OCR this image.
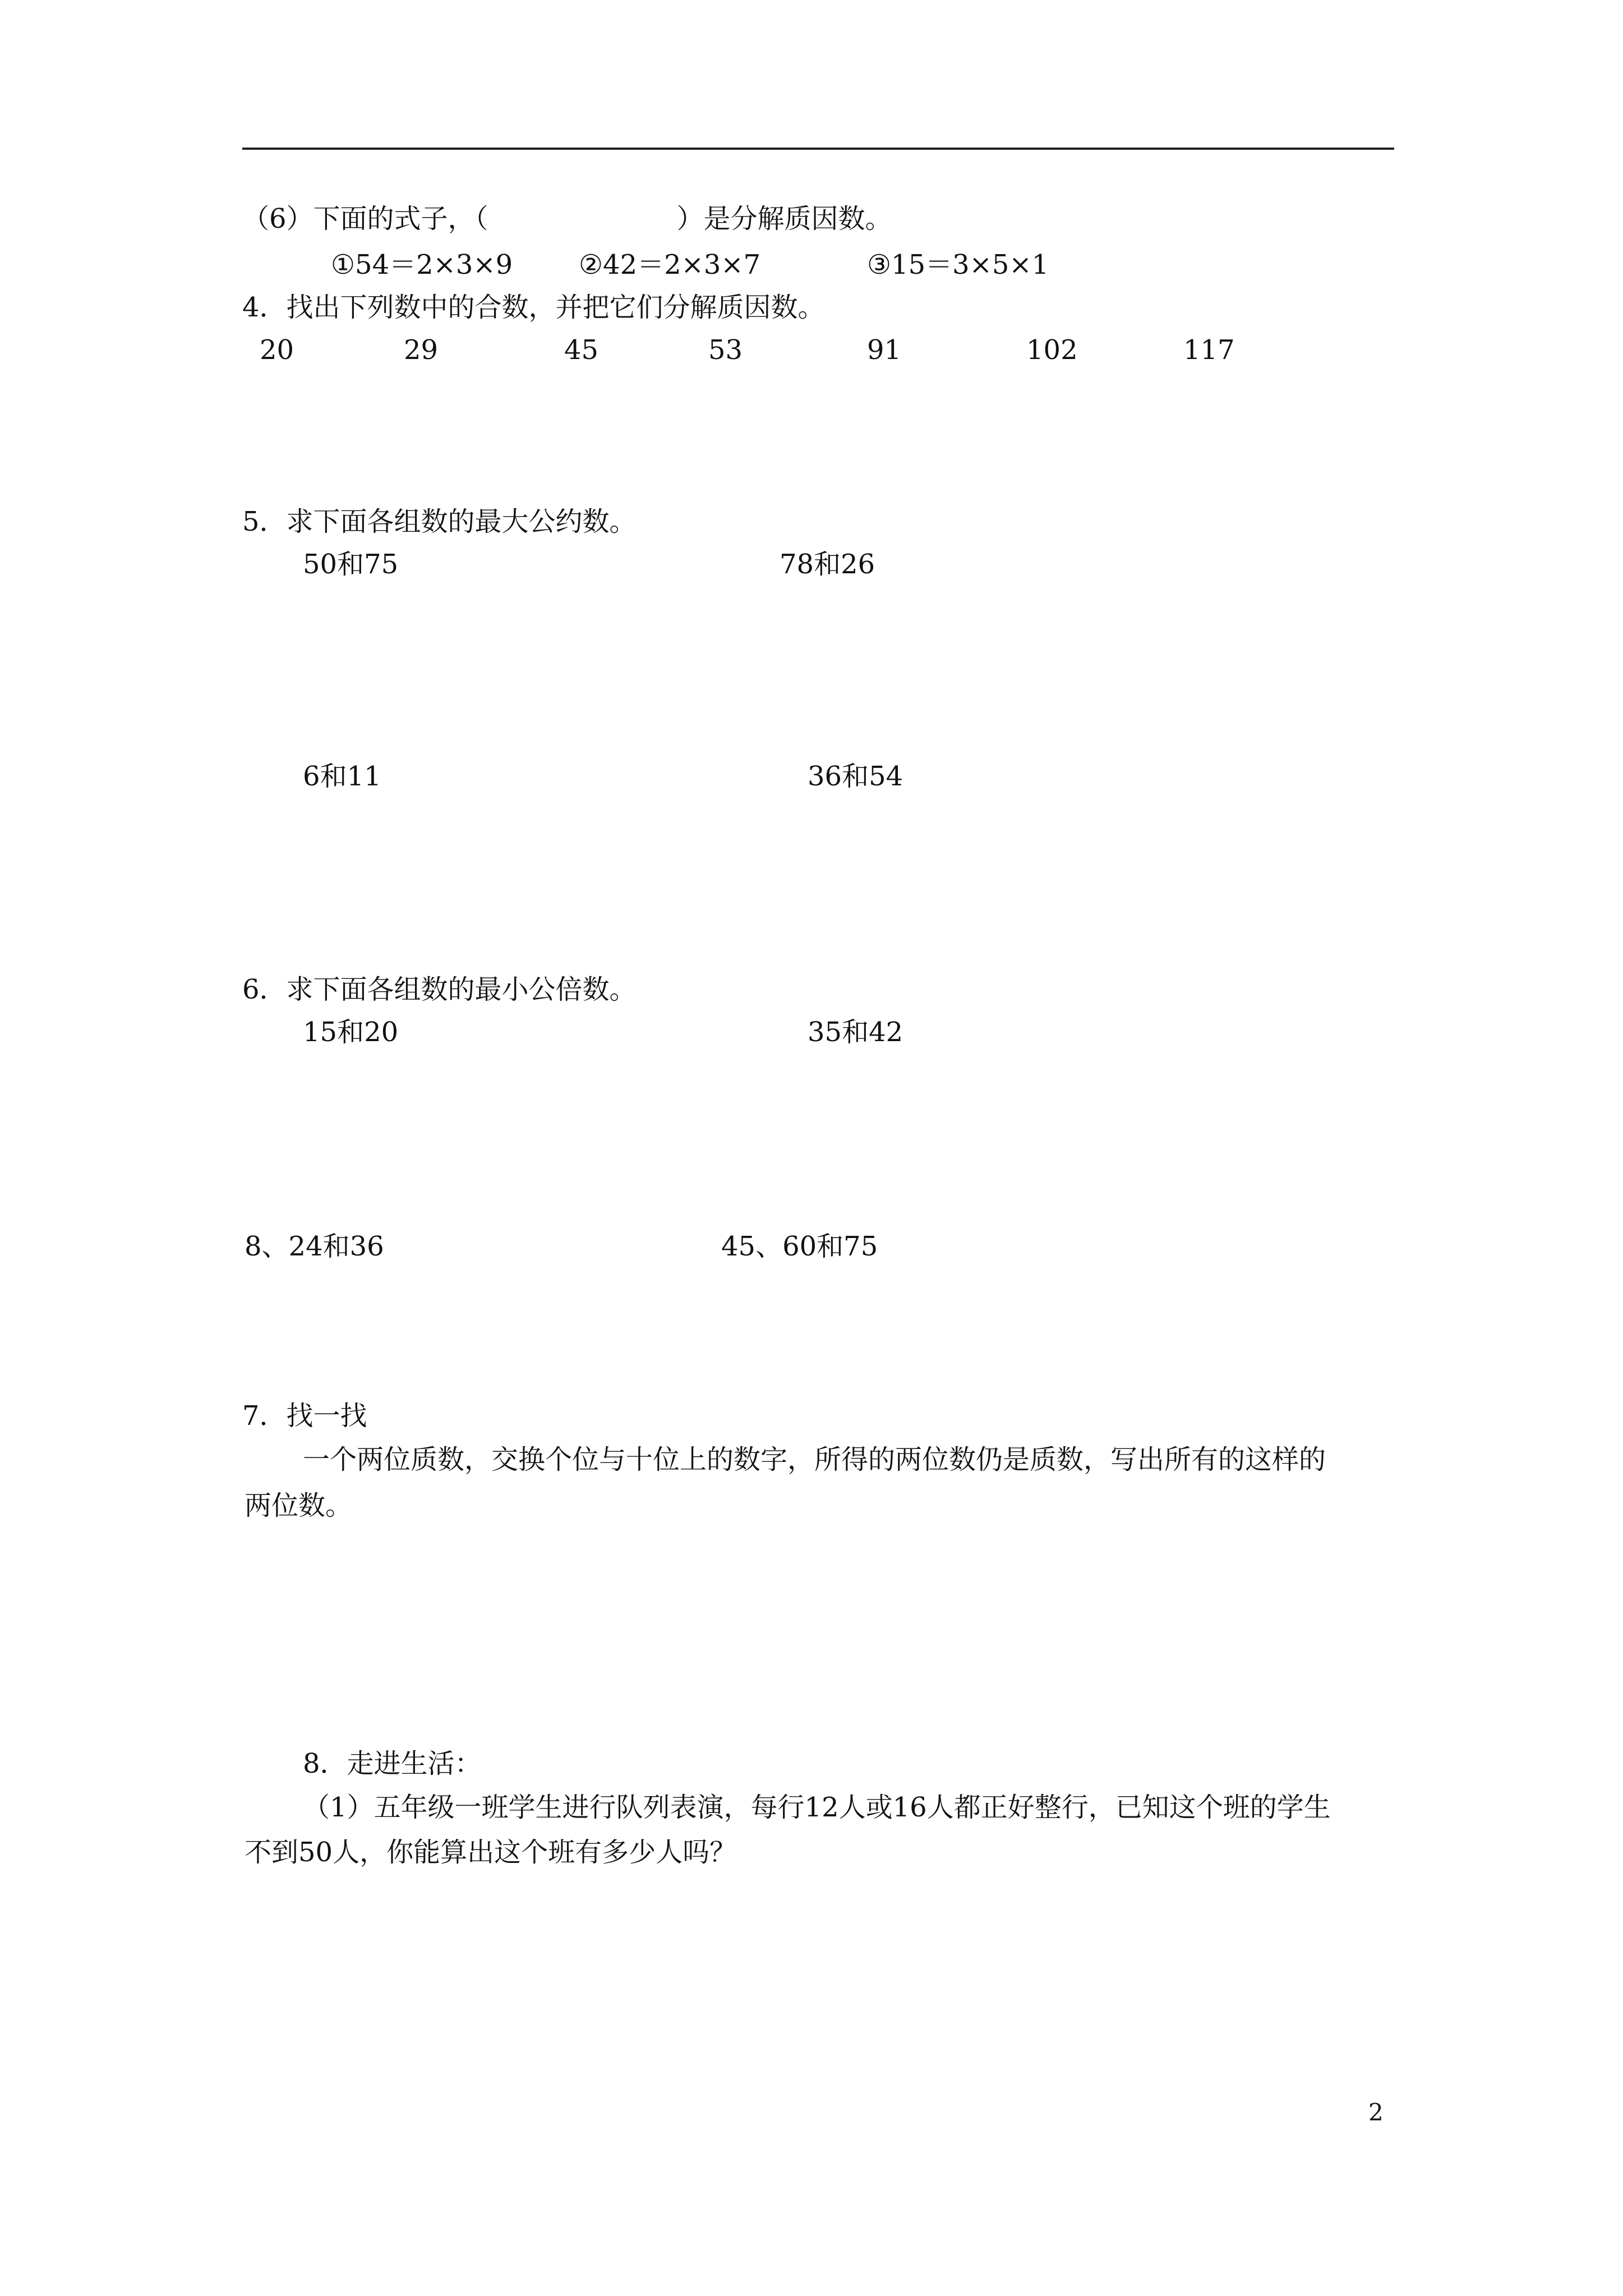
（6）下面的式子，（	）是分解质因数。
①54＝2×3×9 ②42＝2×3×7	③15＝3×5×1
4．找出下列数中的合数，并把它们分解质因数。
20	29	45	53	91	102	117
5．求下面各组数的最大公约数。
50和75	78和26
6和11	36和54
6．求下面各组数的最小公倍数。
15和20	35和42
8、24和36	45、60和75
7．找一找
一个两位质数，交换个位与十位上的数字，所得的两位数仍是质数，写出所有的这样的
两位数。
8．走进生活：
（1）五年级一班学生进行队列表演，每行12人或16人都正好整行，已知这个班的学生
不到50人，你能算出这个班有多少人吗？
2
